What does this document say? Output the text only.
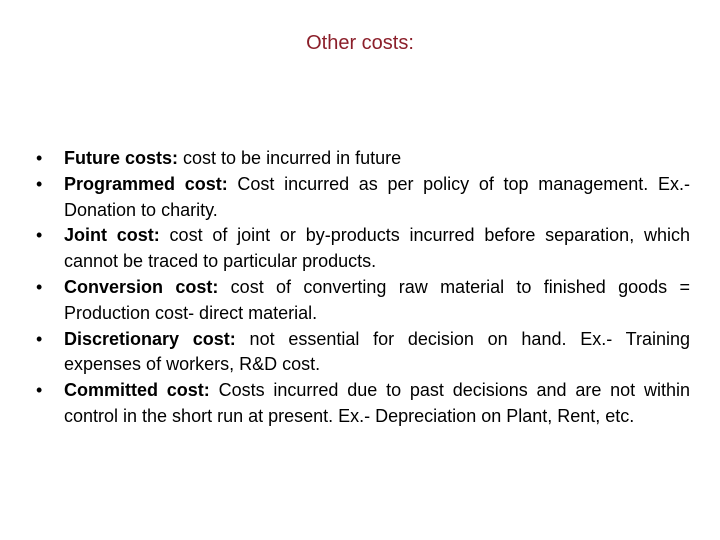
Other costs:
• Future costs: cost to be incurred in future
• Programmed cost: Cost incurred as per policy of top management. Ex.- Donation to charity.
• Joint cost: cost of joint or by-products incurred before separation, which cannot be traced to particular products.
• Conversion cost: cost of converting raw material to finished goods = Production cost- direct material.
• Discretionary cost: not essential for decision on hand. Ex.- Training expenses of workers, R&D cost.
• Committed cost: Costs incurred due to past decisions and are not within control in the short run at present. Ex.- Depreciation on Plant, Rent, etc.
